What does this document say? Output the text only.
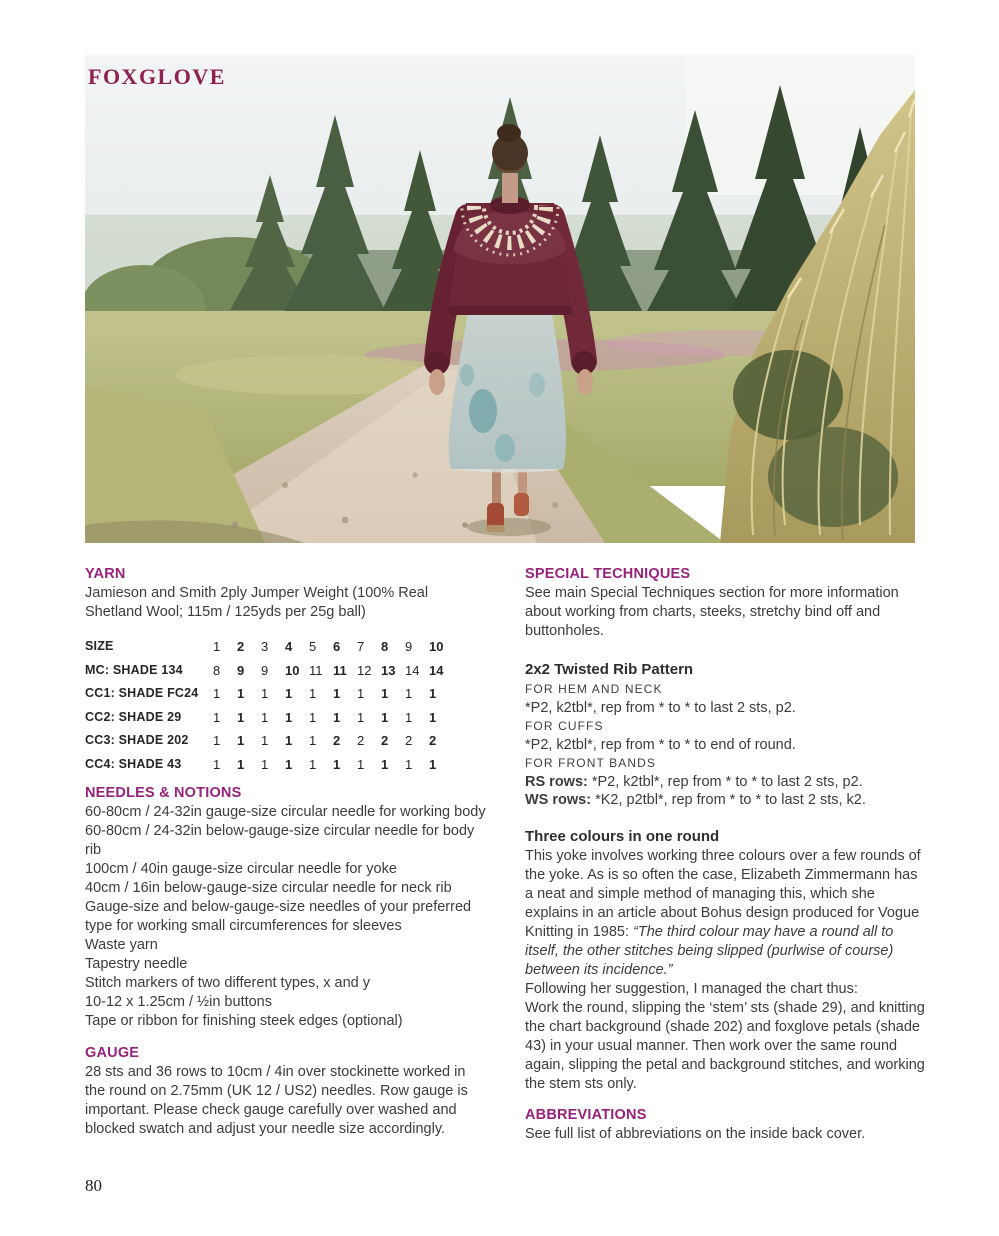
FOXGLOVE
YARN

Jamieson and Smith 2ply Jumper Weight (100% Real Shetland Wool; 115m / 125yds per 25g ball)

SIZE	1	2	3	4	5	6	7	8	9	10
MC: SHADE 134	8	9	9	10	11	11	12	13	14	14
CC1: SHADE FC24	1	1	1	1	1	1	1	1	1	1
CC2: SHADE 29	1	1	1	1	1	1	1	1	1	1
CC3: SHADE 202	1	1	1	1	1	2	2	2	2	2
CC4: SHADE 43	1	1	1	1	1	1	1	1	1	1
NEEDLES & NOTIONS
60-80cm / 24-32in gauge-size circular needle for working body
60-80cm / 24-32in below-gauge-size circular needle for body rib
100cm / 40in gauge-size circular needle for yoke
40cm / 16in below-gauge-size circular needle for neck rib
Gauge-size and below-gauge-size needles of your preferred type for working small circumferences for sleeves
Waste yarn
Tapestry needle
Stitch markers of two different types, x and y
10-12 x 1.25cm / ½in buttons
Tape or ribbon for finishing steek edges (optional)
GAUGE

28 sts and 36 rows to 10cm / 4in over stockinette worked in the round on 2.75mm (UK 12 / US2) needles. Row gauge is important. Please check gauge carefully over washed and blocked swatch and adjust your needle size accordingly.

SPECIAL TECHNIQUES

See main Special Techniques section for more information about working from charts, steeks, stretchy bind off and buttonholes.

2x2 Twisted Rib Pattern
FOR HEM AND NECK
*P2, k2tbl*, rep from * to * to last 2 sts, p2.
FOR CUFFS
*P2, k2tbl*, rep from * to * to end of round.
FOR FRONT BANDS
RS rows: *P2, k2tbl*, rep from * to * to last 2 sts, p2.
WS rows: *K2, p2tbl*, rep from * to * to last 2 sts, k2.
Three colours in one round

This yoke involves working three colours over a few rounds of the yoke. As is so often the case, Elizabeth Zimmermann has a neat and simple method of managing this, which she explains in an article about Bohus design produced for Vogue Knitting in 1985: “The third colour may have a round all to itself, the other stitches being slipped (purlwise of course) between its incidence.”
Following her suggestion, I managed the chart thus:
Work the round, slipping the ‘stem’ sts (shade 29), and knitting the chart background (shade 202) and foxglove petals (shade 43) in your usual manner. Then work over the same round again, slipping the petal and background stitches, and working the stem sts only.

ABBREVIATIONS

See full list of abbreviations on the inside back cover.

80
